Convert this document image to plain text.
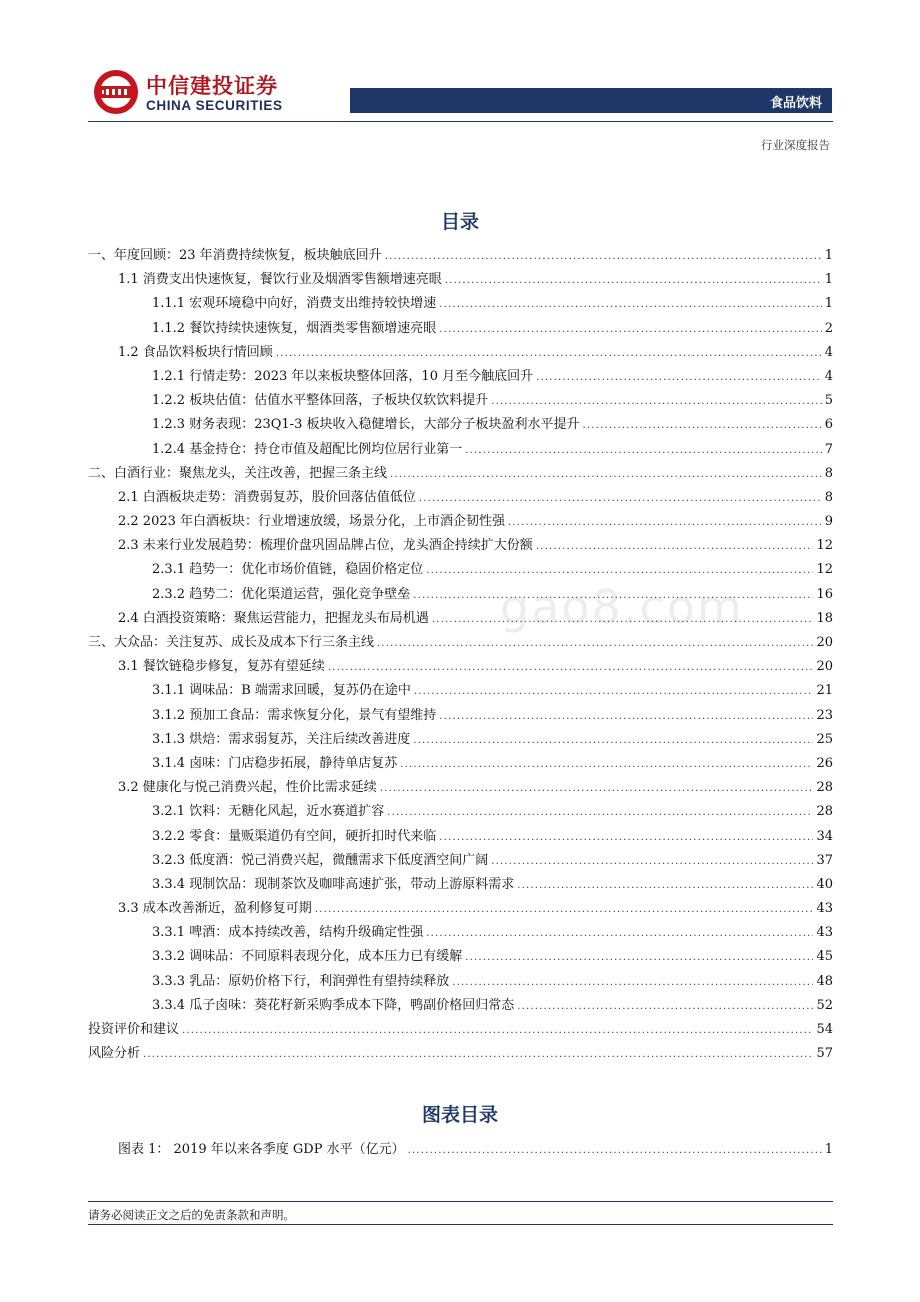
中信建投证券
CHINA SECURITIES	食品饮料
行业深度报告
目录
一、年度回顾：23 年消费持续恢复，板块触底回升 .....	1
1.1 消费支出快速恢复，餐饮行业及烟酒零售额增速亮眼 .....	1
1.1.1 宏观环境稳中向好，消费支出维持较快增速 .....	1
1.1.2 餐饮持续快速恢复，烟酒类零售额增速亮眼 .....	2
1.2 食品饮料板块行情回顾 .....	4
1.2.1 行情走势：2023 年以来板块整体回落，10 月至今触底回升 .....	4
1.2.2 板块估值：估值水平整体回落，子板块仅软饮料提升 .....	5
1.2.3 财务表现：23Q1-3 板块收入稳健增长，大部分子板块盈利水平提升 .....	6
1.2.4 基金持仓：持仓市值及超配比例均位居行业第一 .....	7
二、白酒行业：聚焦龙头，关注改善，把握三条主线 .....	8
2.1 白酒板块走势：消费弱复苏，股价回落估值低位 .....	8
2.2 2023 年白酒板块：行业增速放缓，场景分化，上市酒企韧性强 .....	9
2.3 未来行业发展趋势：梳理价盘巩固品牌占位，龙头酒企持续扩大份额 .....	12
2.3.1 趋势一：优化市场价值链，稳固价格定位 .....	12
2.3.2 趋势二：优化渠道运营，强化竞争壁垒 .....	16
2.4 白酒投资策略：聚焦运营能力，把握龙头布局机遇 .....	18
三、大众品：关注复苏、成长及成本下行三条主线 .....	20
3.1 餐饮链稳步修复，复苏有望延续 .....	20
3.1.1 调味品：B 端需求回暖，复苏仍在途中 .....	21
3.1.2 预加工食品：需求恢复分化，景气有望维持 .....	23
3.1.3 烘焙：需求弱复苏，关注后续改善进度 .....	25
3.1.4 卤味：门店稳步拓展，静待单店复苏 .....	26
3.2 健康化与悦己消费兴起，性价比需求延续 .....	28
3.2.1 饮料：无糖化风起，近水赛道扩容 .....	28
3.2.2 零食：量贩渠道仍有空间，硬折扣时代来临 .....	34
3.2.3 低度酒：悦己消费兴起，微醺需求下低度酒空间广阔 .....	37
3.3.4 现制饮品：现制茶饮及咖啡高速扩张，带动上游原料需求 .....	40
3.3 成本改善渐近，盈利修复可期 .....	43
3.3.1 啤酒：成本持续改善，结构升级确定性强 .....	43
3.3.2 调味品：不同原料表现分化，成本压力已有缓解 .....	45
3.3.3 乳品：原奶价格下行，利润弹性有望持续释放 .....	48
3.3.4 瓜子卤味：葵花籽新采购季成本下降，鸭副价格回归常态 .....	52
投资评价和建议 .....	54
风险分析 .....	57
gao8.com
图表目录
图表 1： 2019 年以来各季度 GDP 水平（亿元） .....	1
请务必阅读正文之后的免责条款和声明。
